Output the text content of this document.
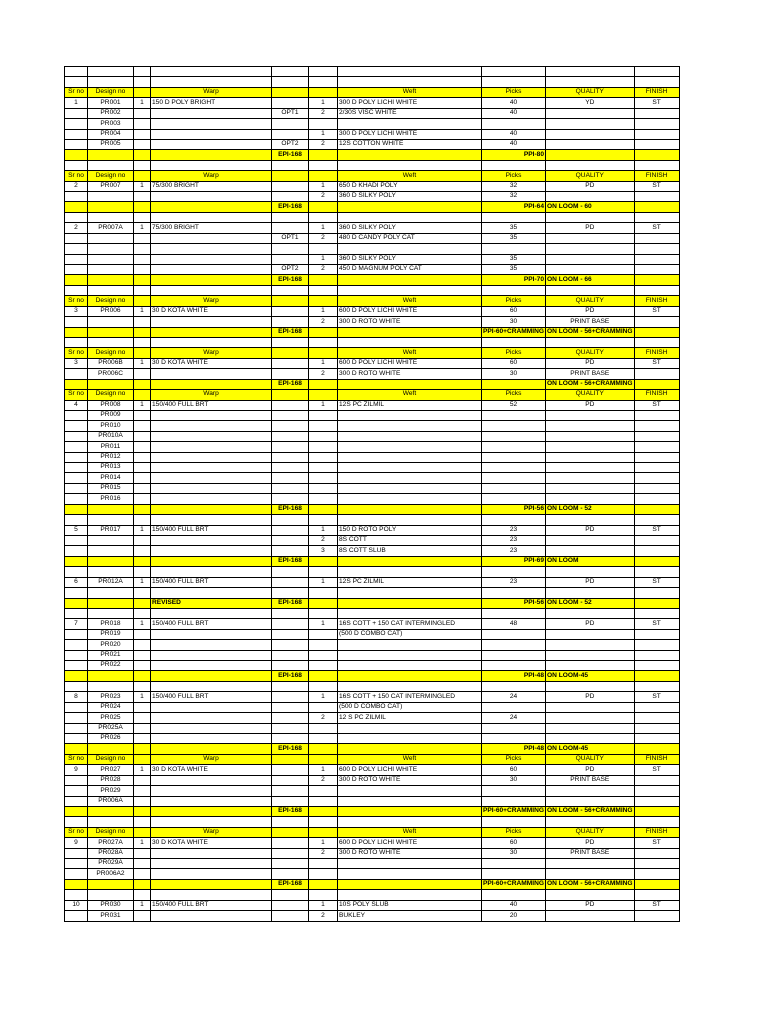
Sr no	Design no		Warp			Weft	Picks	QUALITY	FINISH
1	PR001	1	150 D POLY BRIGHT		1	300 D POLY LICHI WHITE	40	YD	ST
	PR002			OPT1	2	2/30S VISC WHITE	40		
	PR003								
	PR004				1	300 D POLY LICHI WHITE	40		
	PR005			OPT2	2	12S COTTON WHITE	40		
				EPI-168			PPI-80		

Sr no	Design no		Warp			Weft	Picks	QUALITY	FINISH
2	PR007	1	75/300 BRIGHT		1	650 D KHADI POLY	32	PD	ST
					2	360 D SILKY POLY	32		
				EPI-168			PPI-64	ON LOOM - 60	

2	PR007A	1	75/300 BRIGHT		1	360 D SILKY POLY	35	PD	ST
				OPT1	2	480 D CANDY POLY CAT	35		

					1	360 D SILKY POLY	35		
				OPT2	2	450 D MAGNUM POLY CAT	35		
				EPI-168			PPI-70	ON LOOM - 66	

Sr no	Design no		Warp			Weft	Picks	QUALITY	FINISH
3	PR006	1	30 D KOTA WHITE		1	600 D POLY LICHI WHITE	60	PD	ST
					2	300 D ROTO WHITE	30	PRINT BASE	
				EPI-168			PPI-60+CRAMMING	ON LOOM - 56+CRAMMING	

Sr no	Design no		Warp			Weft	Picks	QUALITY	FINISH
3	PR006B	1	30 D KOTA WHITE		1	600 D POLY LICHI WHITE	60	PD	ST
	PR006C				2	300 D ROTO WHITE	30	PRINT BASE	
				EPI-168				ON LOOM - 56+CRAMMING	
Sr no	Design no		Warp			Weft	Picks	QUALITY	FINISH
4	PR008	1	150/400 FULL BRT		1	12S PC ZILMIL	52	PD	ST
	PR009								
	PR010								
	PR010A								
	PR011								
	PR012								
	PR013								
	PR014								
	PR015								
	PR016								
				EPI-168			PPI-56	ON LOOM - 52	

5	PR017	1	150/400 FULL BRT		1	150 D ROTO POLY	23	PD	ST
					2	8S COTT	23		
					3	8S COTT SLUB	23		
				EPI-168			PPI-69	ON LOOM	

6	PR012A	1	150/400 FULL BRT		1	12S PC ZILMIL	23	PD	ST

			REVISED	EPI-168			PPI-56	ON LOOM - 52	

7	PR018	1	150/400 FULL BRT		1	16S COTT + 150 CAT INTERMINGLED	48	PD	ST
	PR019					(500 D COMBO CAT)			
	PR020								
	PR021								
	PR022								
				EPI-168			PPI-48	ON LOOM-45	

8	PR023	1	150/400 FULL BRT		1	16S COTT + 150 CAT INTERMINGLED	24	PD	ST
	PR024					(500 D COMBO CAT)			
	PR025				2	12 S PC ZILMIL	24		
	PR025A								
	PR026								
				EPI-168			PPI-48	ON LOOM-45	
Sr no	Design no		Warp			Weft	Picks	QUALITY	FINISH
9	PR027	1	30 D KOTA WHITE		1	600 D POLY LICHI WHITE	60	PD	ST
	PR028				2	300 D ROTO WHITE	30	PRINT BASE	
	PR029								
	PR006A								
				EPI-168			PPI-60+CRAMMING	ON LOOM - 56+CRAMMING	

Sr no	Design no		Warp			Weft	Picks	QUALITY	FINISH
9	PR027A	1	30 D KOTA WHITE		1	600 D POLY LICHI WHITE	60	PD	ST
	PR028A				2	300 D ROTO WHITE	30	PRINT BASE	
	PR029A								
	PR006A2								
				EPI-168			PPI-60+CRAMMING	ON LOOM - 56+CRAMMING	

10	PR030	1	150/400 FULL BRT		1	10S POLY SLUB	40	PD	ST
	PR031				2	BUKLEY	20		
